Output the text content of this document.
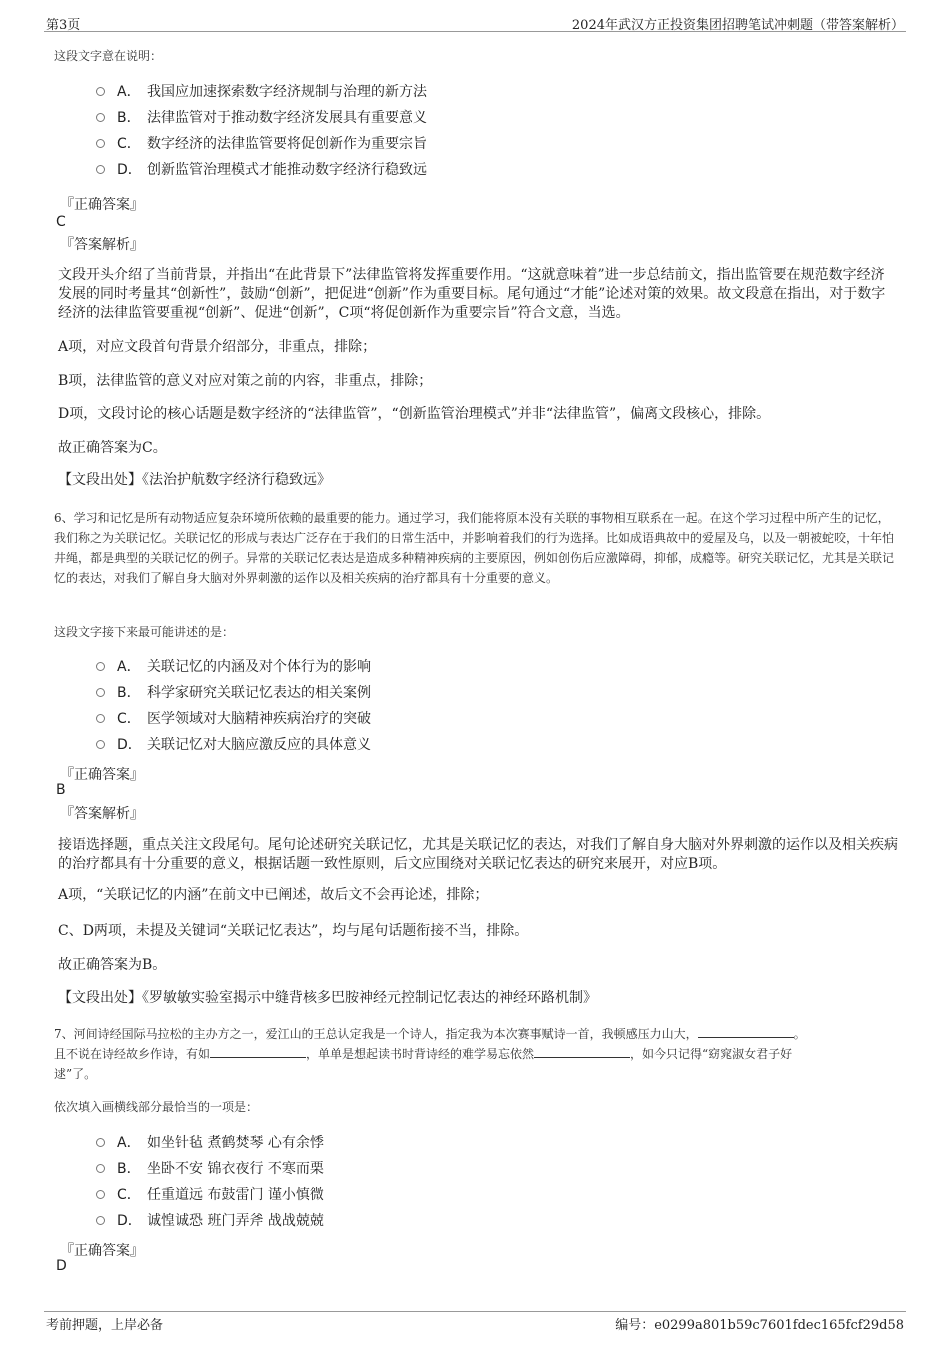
第3页	2024年武汉方正投资集团招聘笔试冲刺题（带答案解析）
这段文字意在说明：
A． 我国应加速探索数字经济规制与治理的新方法
B． 法律监管对于推动数字经济发展具有重要意义
C． 数字经济的法律监管要将促创新作为重要宗旨
D． 创新监管治理模式才能推动数字经济行稳致远
『正确答案』
C
『答案解析』
文段开头介绍了当前背景，并指出“在此背景下”法律监管将发挥重要作用。“这就意味着”进一步总结前文，指出监管要在规范数字经济发展的同时考量其“创新性”，鼓励“创新”，把促进“创新”作为重要目标。尾句通过“才能”论述对策的效果。故文段意在指出，对于数字经济的法律监管要重视“创新”、促进“创新”，C项“将促创新作为重要宗旨”符合文意，当选。
A项，对应文段首句背景介绍部分，非重点，排除；
B项，法律监管的意义对应对策之前的内容，非重点，排除；
D项，文段讨论的核心话题是数字经济的“法律监管”，“创新监管治理模式”并非“法律监管”，偏离文段核心，排除。
故正确答案为C。
【文段出处】《法治护航数字经济行稳致远》
6、学习和记忆是所有动物适应复杂环境所依赖的最重要的能力。通过学习，我们能将原本没有关联的事物相互联系在一起。在这个学习过程中所产生的记忆，我们称之为关联记忆。关联记忆的形成与表达广泛存在于我们的日常生活中，并影响着我们的行为选择。比如成语典故中的爱屋及乌，以及一朝被蛇咬，十年怕井绳，都是典型的关联记忆的例子。异常的关联记忆表达是造成多种精神疾病的主要原因，例如创伤后应激障碍，抑郁，成瘾等。研究关联记忆，尤其是关联记忆的表达，对我们了解自身大脑对外界刺激的运作以及相关疾病的治疗都具有十分重要的意义。
这段文字接下来最可能讲述的是：
A． 关联记忆的内涵及对个体行为的影响
B． 科学家研究关联记忆表达的相关案例
C． 医学领域对大脑精神疾病治疗的突破
D． 关联记忆对大脑应激反应的具体意义
『正确答案』
B
『答案解析』
接语选择题，重点关注文段尾句。尾句论述研究关联记忆，尤其是关联记忆的表达，对我们了解自身大脑对外界刺激的运作以及相关疾病的治疗都具有十分重要的意义，根据话题一致性原则，后文应围绕对关联记忆表达的研究来展开，对应B项。
A项，“关联记忆的内涵”在前文中已阐述，故后文不会再论述，排除；
C、D两项，未提及关键词“关联记忆表达”，均与尾句话题衔接不当，排除。
故正确答案为B。
【文段出处】《罗敏敏实验室揭示中缝背核多巴胺神经元控制记忆表达的神经环路机制》
7、河间诗经国际马拉松的主办方之一，爱江山的王总认定我是一个诗人，指定我为本次赛事赋诗一首，我顿感压力山大，	。
且不说在诗经故乡作诗，有如	，单单是想起读书时背诗经的难学易忘依然	，如今只记得“窈窕淑女君子好
逑”了。
依次填入画横线部分最恰当的一项是：
A． 如坐针毡 煮鹤焚琴 心有余悸
B． 坐卧不安 锦衣夜行 不寒而栗
C． 任重道远 布鼓雷门 谨小慎微
D． 诚惶诚恐 班门弄斧 战战兢兢
『正确答案』
D
考前押题，上岸必备	编号：e0299a801b59c7601fdec165fcf29d58
